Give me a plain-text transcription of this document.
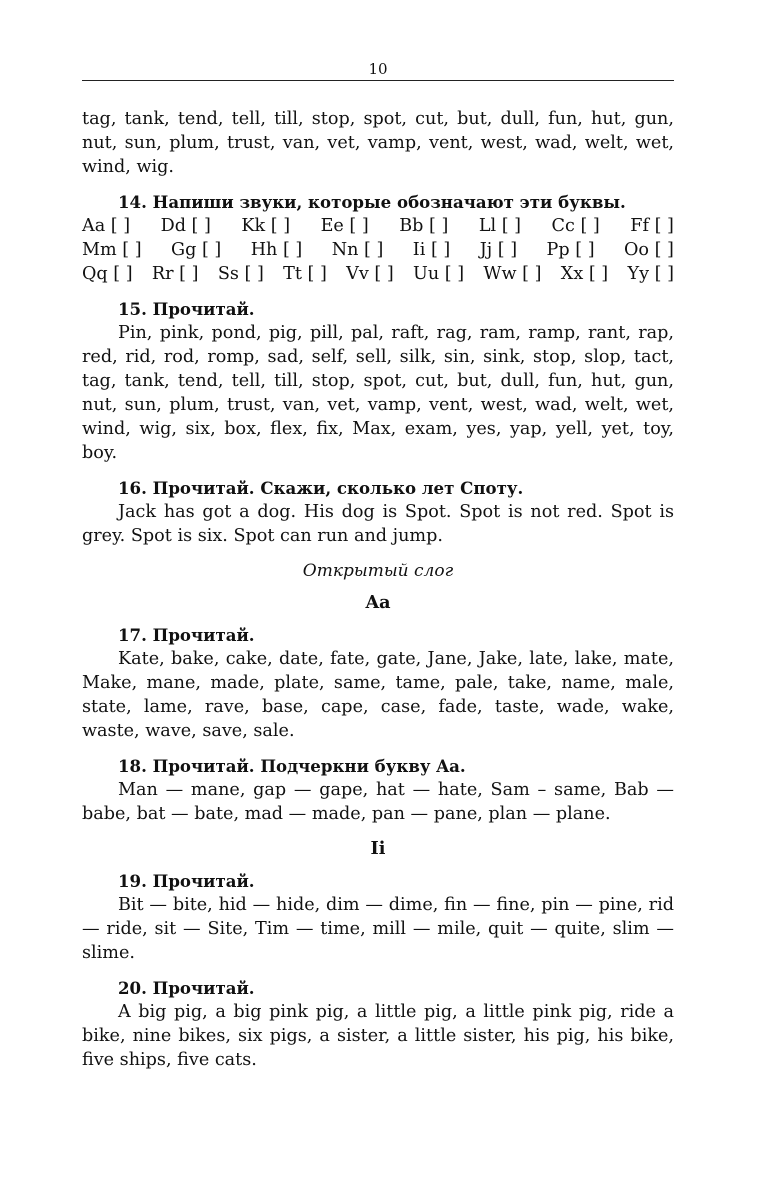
10

tag, tank, tend, tell, till, stop, spot, cut, but, dull, fun, hut, gun, nut, sun, plum, trust, van, vet, vamp, vent, west, wad, welt, wet, wind, wig.

14. Напиши звуки, которые обозначают эти буквы.
Aa [ ] Dd [ ] Kk [ ] Ee [ ] Bb [ ] Ll [ ] Cc [ ] Ff [ ]
Mm [ ] Gg [ ] Hh [ ] Nn [ ] Ii [ ] Jj [ ] Pp [ ] Oo [ ]
Qq [ ] Rr [ ] Ss [ ] Tt [ ] Vv [ ] Uu [ ] Ww [ ] Xx [ ] Yy [ ]
15. Прочитай.

Pin, pink, pond, pig, pill, pal, raft, rag, ram, ramp, rant, rap, red, rid, rod, romp, sad, self, sell, silk, sin, sink, stop, slop, tact, tag, tank, tend, tell, till, stop, spot, cut, but, dull, fun, hut, gun, nut, sun, plum, trust, van, vet, vamp, vent, west, wad, welt, wet, wind, wig, six, box, flex, fix, Max, exam, yes, yap, yell, yet, toy, boy.

16. Прочитай. Скажи, сколько лет Споту.

Jack has got a dog. His dog is Spot. Spot is not red. Spot is grey. Spot is six. Spot can run and jump.

Открытый слог
Aa
17. Прочитай.

Kate, bake, cake, date, fate, gate, Jane, Jake, late, lake, mate, Make, mane, made, plate, same, tame, pale, take, name, male, state, lame, rave, base, cape, case, fade, taste, wade, wake, waste, wave, save, sale.

18. Прочитай. Подчеркни букву Aa.

Man — mane, gap — gape, hat — hate, Sam – same, Bab — babe, bat — bate, mad — made, pan — pane, plan — plane.

Ii
19. Прочитай.

Bit — bite, hid — hide, dim — dime, fin — fine, pin — pine, rid — ride, sit — Site, Tim — time, mill — mile, quit — quite, slim — slime.

20. Прочитай.

A big pig, a big pink pig, a little pig, a little pink pig, ride a bike, nine bikes, six pigs, a sister, a little sister, his pig, his bike, five ships, five cats.
